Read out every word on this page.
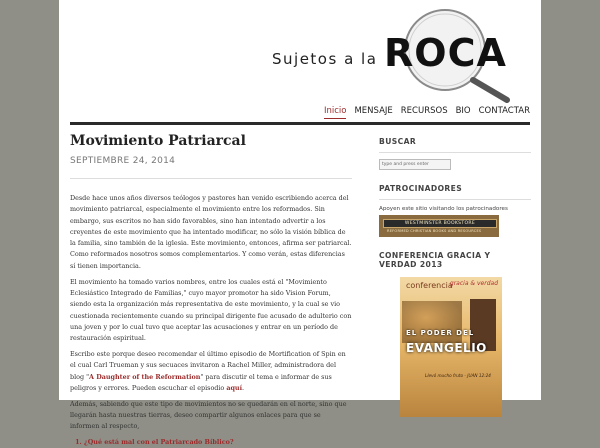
Sujetos a la ROCA
Inicio MENSAJE RECURSOS BIO CONTACTAR
Movimiento Patriarcal
SEPTIEMBRE 24, 2014

Desde hace unos años diversos teólogos y pastores han venido escribiendo acerca del movimiento patriarcal, especialmente el movimiento entre los reformados. Sin embargo, sus escritos no han sido favorables, sino han intentado advertir a los creyentes de este movimiento que ha intentado modificar, no sólo la visión bíblica de la familia, sino también de la iglesia. Este movimiento, entonces, afirma ser patriarcal. Como reformados nosotros somos complementarios. Y como verán, estas diferencias sí tienen importancia.

El movimiento ha tomado varios nombres, entre los cuales está el "Movimiento Eclesiástico Integrado de Familias," cuyo mayor promotor ha sido Vision Forum, siendo esta la organización más representativa de este movimiento, y la cual se vio cuestionada recientemente cuando su principal dirigente fue acusado de adulterio con una joven y por lo cual tuvo que aceptar las acusaciones y entrar en un período de restauración espiritual.

Escribo este porque deseo recomendar el último episodio de Mortification of Spin en el cual Carl Trueman y sus secuaces invitaron a Rachel Miller, administradora del blog "A Daughter of the Reformation" para discutir el tema e informar de sus peligros y errores. Pueden escuchar el episodio aquí.

Además, sabiendo que este tipo de movimientos no se quedarán en el norte, sino que llegarán hasta nuestras tierras, deseo compartir algunos enlaces para que se informen al respecto,

1. ¿Qué está mal con el Patriarcado Bíblico?
BUSCAR
type and press enter
PATROCINADORES

Apoyen este sitio visitando los patrocinadores

WESTMINSTER BOOKSTORE
REFORMED CHRISTIAN BOOKS AND RESOURCES
CONFERENCIA GRACIA Y VERDAD 2013
conferencia
gracia & verdad
EL PODER DEL
EVANGELIO
Llevó mucho fruto - JUAN 12:24
